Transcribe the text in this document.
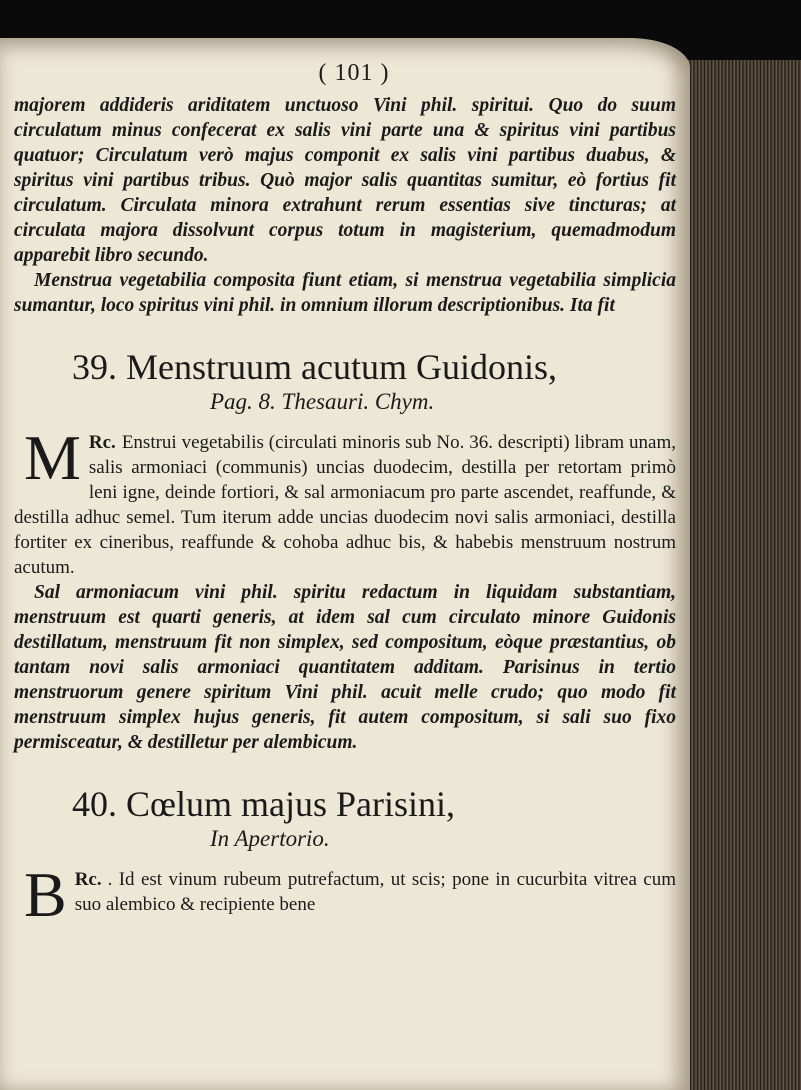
( 101 )

majorem addideris ariditatem unctuoso Vini phil. spiritui. Quo do suum circulatum minus confecerat ex salis vini parte una & spiritus vini partibus quatuor; Circulatum verò majus componit ex salis vini partibus duabus, & spiritus vini partibus tribus. Quò major salis quantitas sumitur, eò fortius fit circulatum. Circulata minora extrahunt rerum essentias sive tincturas; at circulata majora dissolvunt corpus totum in magisterium, quemadmodum apparebit libro secundo.

Menstrua vegetabilia composita fiunt etiam, si menstrua vegetabilia simplicia sumantur, loco spiritus vini phil. in omnium illorum descriptionibus. Ita fit

39. Menstruum acutum Guidonis,
Pag. 8. Thesauri. Chym.

Rc.
M Enstrui vegetabilis (circulati minoris sub No. 36. descripti) libram unam, salis armoniaci (communis) uncias duodecim, destilla per retortam primò leni igne, deinde fortiori, & sal armoniacum pro parte ascendet, reaffunde, & destilla adhuc semel. Tum iterum adde uncias duodecim novi salis armoniaci, destilla fortiter ex cineribus, reaffunde & cohoba adhuc bis, & habebis menstruum nostrum acutum.

Sal armoniacum vini phil. spiritu redactum in liquidam substantiam, menstruum est quarti generis, at idem sal cum circulato minore Guidonis destillatum, menstruum fit non simplex, sed compositum, eòque præstantius, ob tantam novi salis armoniaci quantitatem additam. Parisinus in tertio menstruorum genere spiritum Vini phil. acuit melle crudo; quo modo fit menstruum simplex hujus generis, fit autem compositum, si sali suo fixo permisceatur, & destilletur per alembicum.

40. Cœlum majus Parisini,
In Apertorio.

Rc.
B . Id est vinum rubeum putrefactum, ut scis; pone in cucurbita vitrea cum suo alembico & recipiente bene
